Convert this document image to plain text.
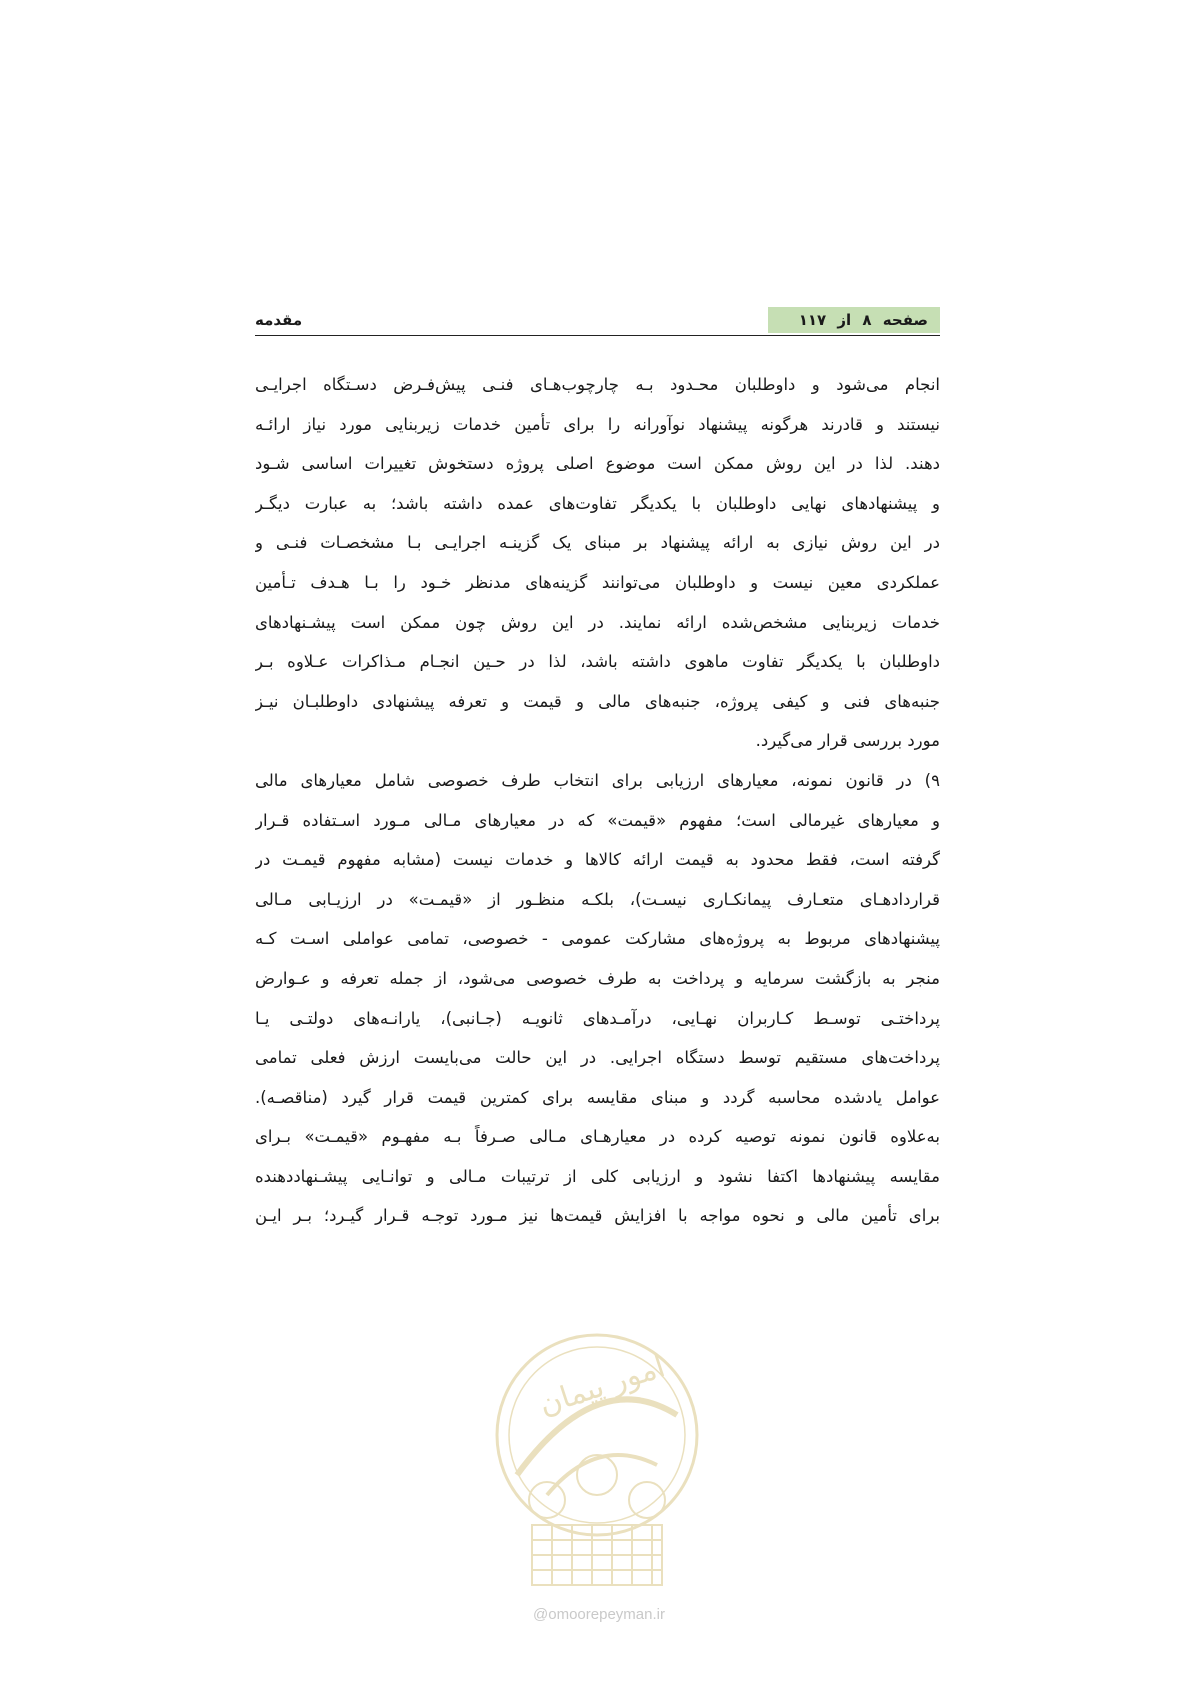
صفحه ۸ از ۱۱۷
مقدمه
انجام می‌شود و داوطلبان محـدود بـه چارچوب‌هـای فنـی پیش‌فـرض دسـتگاه اجرایـی
نیستند و قادرند هرگونه پیشنهاد نوآورانه را برای تأمین خدمات زیربنایی مورد نیاز ارائـه
دهند. لذا در این روش ممکن است موضوع اصلی پروژه دستخوش تغییرات اساسی شـود
و پیشنهادهای نهایی داوطلبان با یکدیگر تفاوت‌های عمده داشته باشد؛ به عبارت دیگـر
در این روش نیازی به ارائه پیشنهاد بر مبنای یک گزینـه اجرایـی بـا مشخصـات فنـی و
عملکردی معین نیست و داوطلبان می‌توانند گزینه‌های مدنظر خـود را بـا هـدف تـأمین
خدمات زیربنایی مشخص‌شده ارائه نمایند. در این روش چون ممکن است پیشـنهادهای
داوطلبان با یکدیگر تفاوت ماهوی داشته باشد، لذا در حـین انجـام مـذاکرات عـلاوه بـر
جنبه‌های فنی و کیفی پروژه، جنبه‌های مالی و قیمت و تعرفه پیشنهادی داوطلبـان نیـز
مورد بررسی قرار می‌گیرد.
۹) در قانون نمونه، معیارهای ارزیابی برای انتخاب طرف خصوصی شامل معیارهای مالی
و معیارهای غیرمالی است؛ مفهوم «قیمت» که در معیارهای مـالی مـورد اسـتفاده قـرار
گرفته است، فقط محدود به قیمت ارائه کالاها و خدمات نیست (مشابه مفهوم قیمـت در
قراردادهـای متعـارف پیمانکـاری نیسـت)، بلکـه منظـور از «قیمـت» در ارزیـابی مـالی
پیشنهادهای مربوط به پروژه‌های مشارکت عمومی - خصوصی، تمامی عواملی اسـت کـه
منجر به بازگشت سرمایه و پرداخت به طرف خصوصی می‌شود، از جمله تعرفه و عـوارض
پرداختـی توسـط کـاربران نهـایی، درآمـدهای ثانویـه (جـانبی)، یارانـه‌های دولتـی یـا
پرداخت‌های مستقیم توسط دستگاه اجرایی. در این حالت می‌بایست ارزش فعلی تمامی
عوامل یادشده محاسبه گردد و مبنای مقایسه برای کمترین قیمت قرار گیرد (مناقصـه).
به‌علاوه قانون نمونه توصیه کرده در معیارهـای مـالی صـرفاً بـه مفهـوم «قیمـت» بـرای
مقایسه پیشنهادها اکتفا نشود و ارزیابی کلی از ترتیبات مـالی و توانـایی پیشـنهاددهنده
برای تأمین مالی و نحوه مواجه با افزایش قیمت‌ها نیز مـورد توجـه قـرار گیـرد؛ بـر ایـن
امور پیمان
@omoorepeyman.ir
